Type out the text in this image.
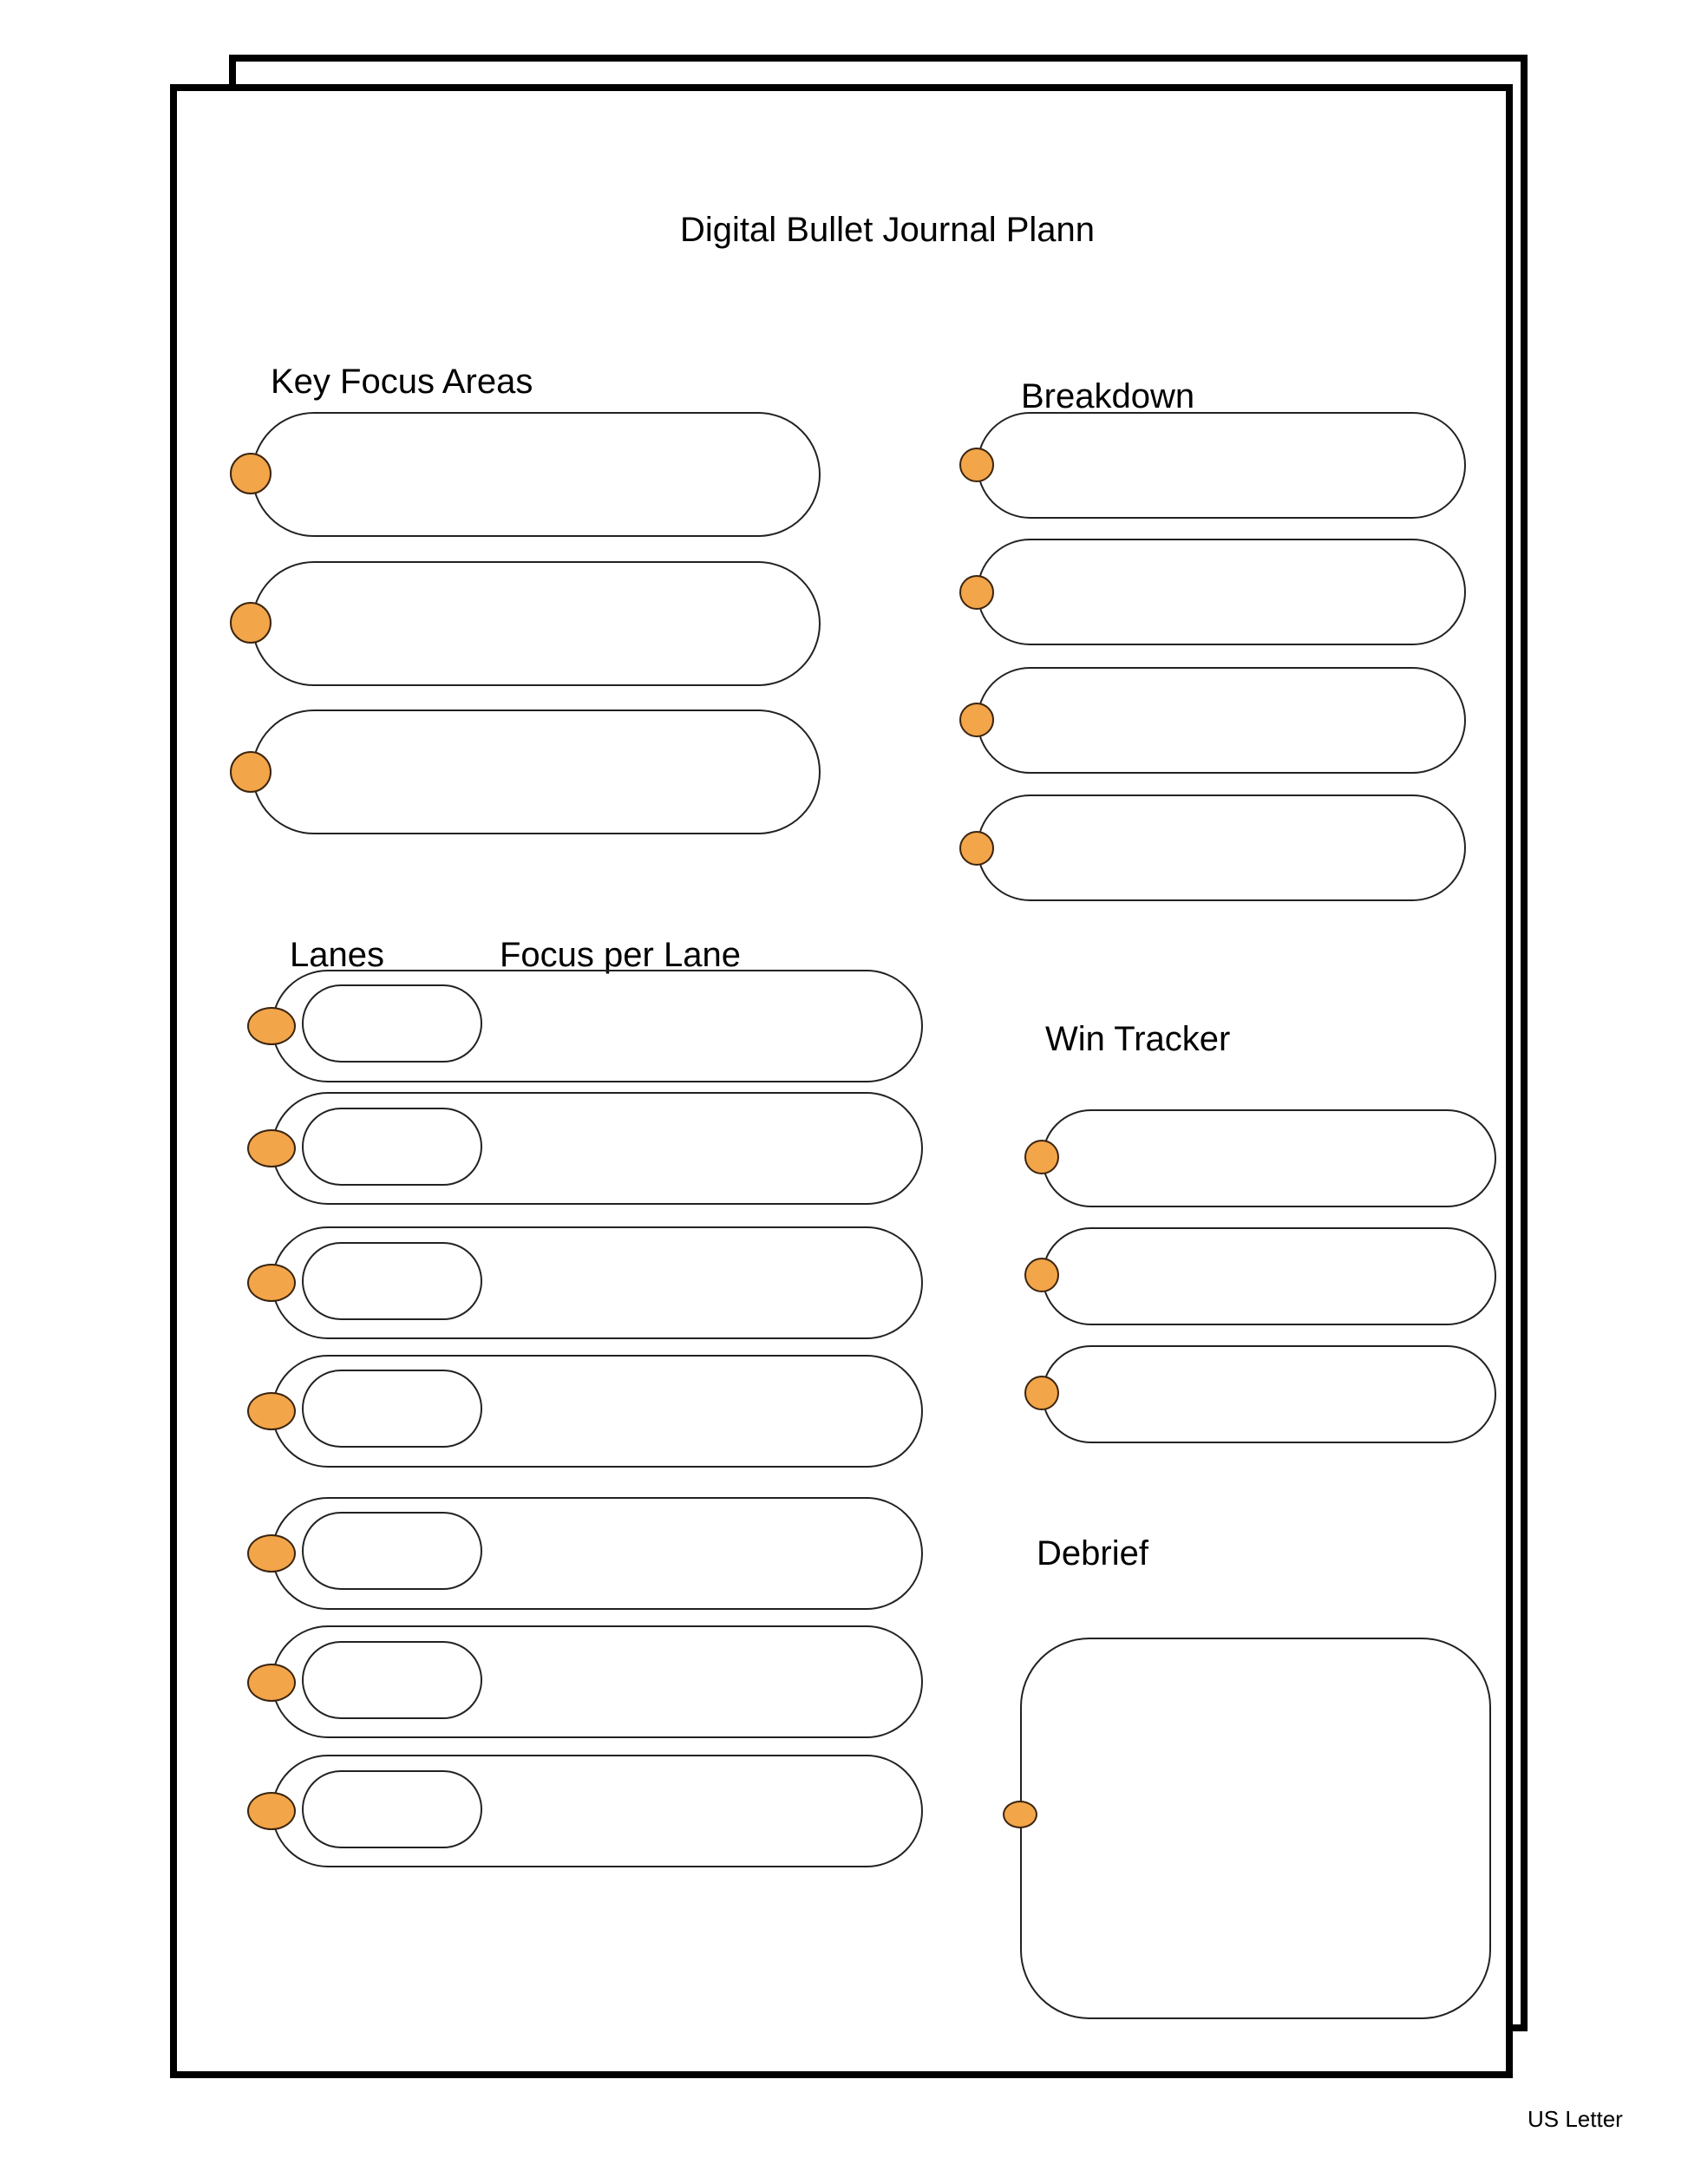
Digital Bullet Journal Plann
Key Focus Areas	Breakdown
Lanes	Focus per Lane
Win Tracker
Debrief
US Letter
